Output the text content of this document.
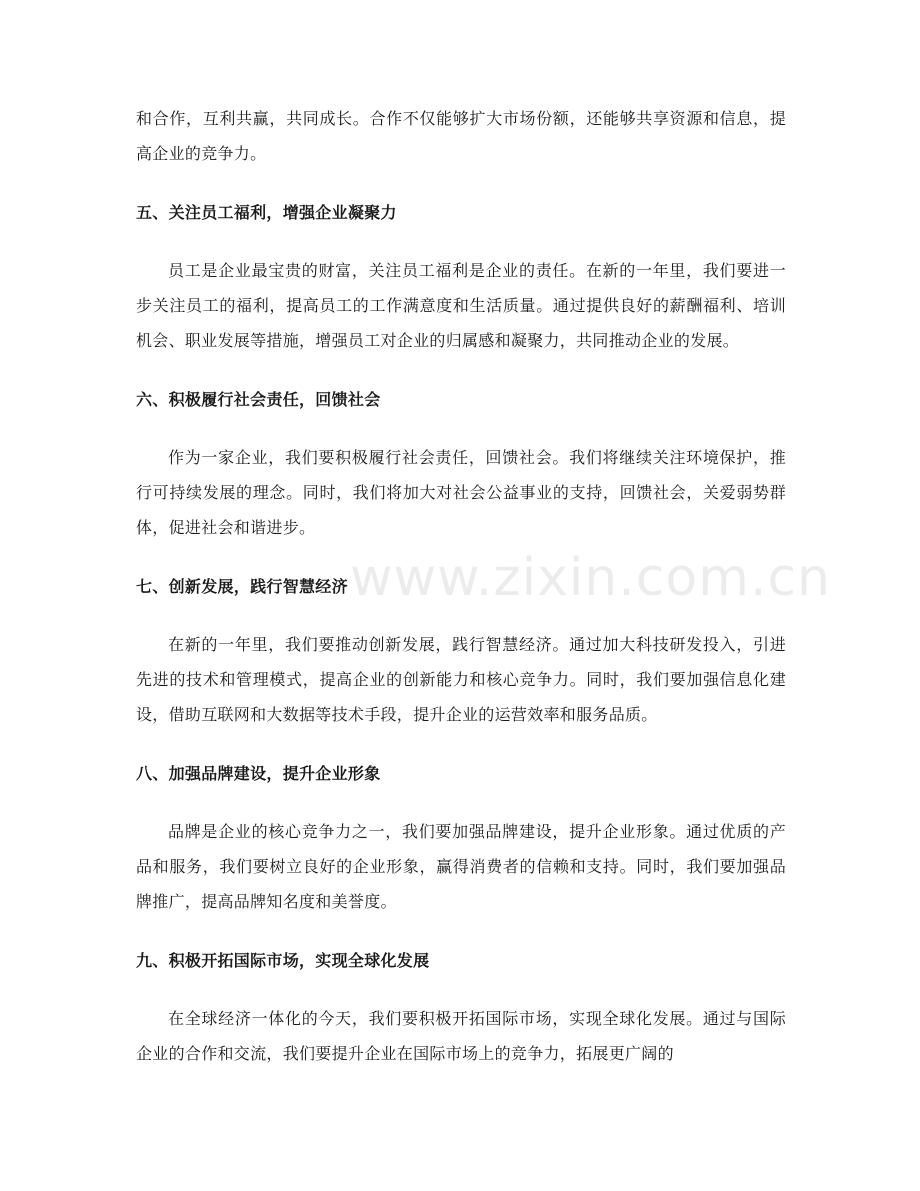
www.zixin.com.cn

和合作，互利共赢，共同成长。合作不仅能够扩大市场份额，还能够共享资源和信息，提高企业的竞争力。

五、关注员工福利，增强企业凝聚力

员工是企业最宝贵的财富，关注员工福利是企业的责任。在新的一年里，我们要进一步关注员工的福利，提高员工的工作满意度和生活质量。通过提供良好的薪酬福利、培训机会、职业发展等措施，增强员工对企业的归属感和凝聚力，共同推动企业的发展。

六、积极履行社会责任，回馈社会

作为一家企业，我们要积极履行社会责任，回馈社会。我们将继续关注环境保护，推行可持续发展的理念。同时，我们将加大对社会公益事业的支持，回馈社会，关爱弱势群体，促进社会和谐进步。

七、创新发展，践行智慧经济

在新的一年里，我们要推动创新发展，践行智慧经济。通过加大科技研发投入，引进先进的技术和管理模式，提高企业的创新能力和核心竞争力。同时，我们要加强信息化建设，借助互联网和大数据等技术手段，提升企业的运营效率和服务品质。

八、加强品牌建设，提升企业形象

品牌是企业的核心竞争力之一，我们要加强品牌建设，提升企业形象。通过优质的产品和服务，我们要树立良好的企业形象，赢得消费者的信赖和支持。同时，我们要加强品牌推广，提高品牌知名度和美誉度。

九、积极开拓国际市场，实现全球化发展

在全球经济一体化的今天，我们要积极开拓国际市场，实现全球化发展。通过与国际企业的合作和交流，我们要提升企业在国际市场上的竞争力，拓展更广阔的
